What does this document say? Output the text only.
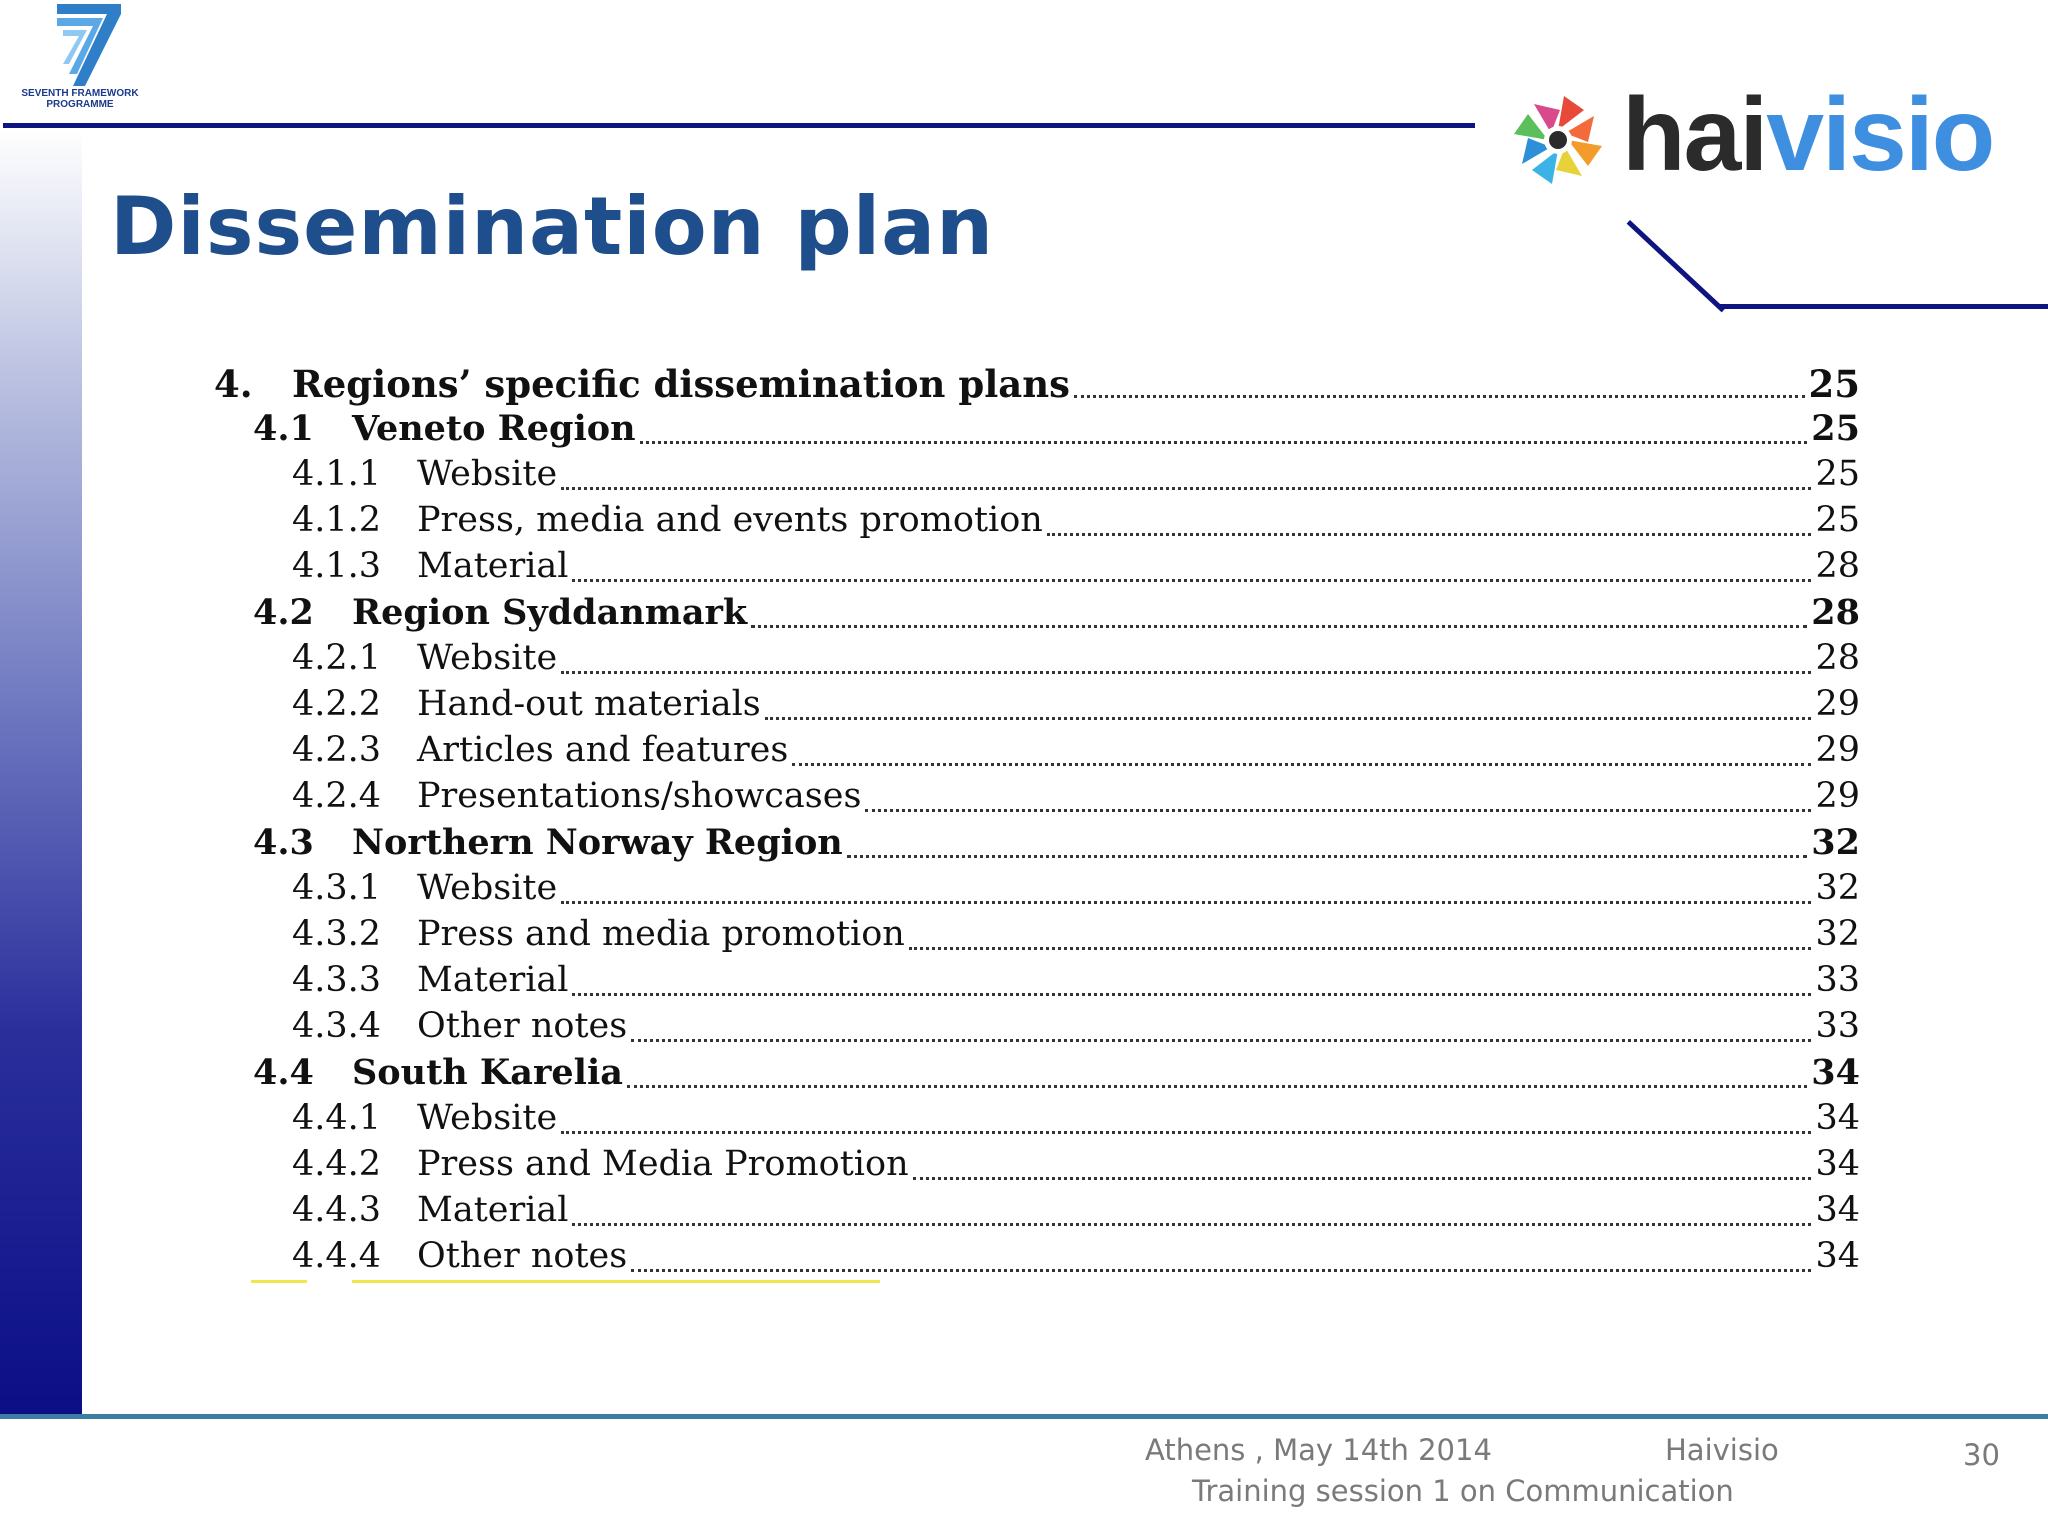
SEVENTH FRAMEWORK
PROGRAMME	haivisio
Dissemination plan
4.	Regions’ specific dissemination plans	25
4.1	Veneto Region	25
4.1.1	Website	25
4.1.2	Press, media and events promotion	25
4.1.3	Material	28
4.2	Region Syddanmark	28
4.2.1	Website	28
4.2.2	Hand-out materials	29
4.2.3	Articles and features	29
4.2.4	Presentations/showcases	29
4.3	Northern Norway Region	32
4.3.1	Website	32
4.3.2	Press and media promotion	32
4.3.3	Material	33
4.3.4	Other notes	33
4.4	South Karelia	34
4.4.1	Website	34
4.4.2	Press and Media Promotion	34
4.4.3	Material	34
4.4.4	Other notes	34
Athens , May 14th 2014	Haivisio
Training session 1 on Communication
30
